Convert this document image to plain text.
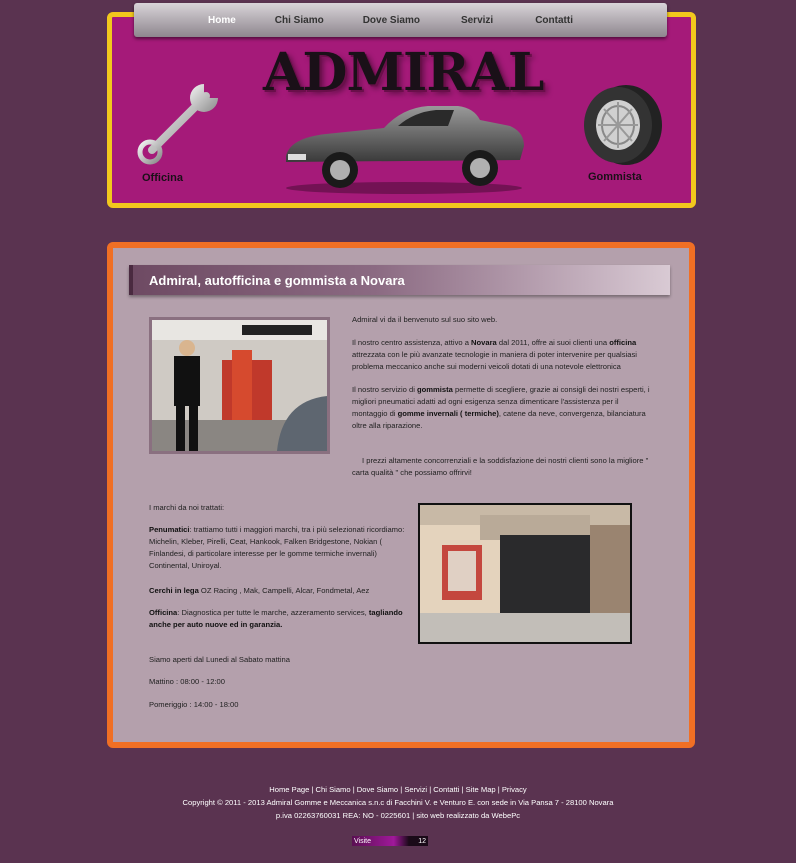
Home	Chi Siamo	Dove Siamo	Servizi	Contatti
ADMIRAL
Officina	Gommista
Admiral, autofficina e gommista a Novara
Admiral vi da il benvenuto sul suo sito web.
Il nostro centro assistenza, attivo a Novara dal 2011, offre ai suoi clienti una officina attrezzata con le più avanzate tecnologie in maniera di poter intervenire per qualsiasi problema meccanico anche sui moderni veicoli dotati di una notevole elettronica
Il nostro servizio di gommista permette di scegliere, grazie ai consigli dei nostri esperti, i migliori pneumatici adatti ad ogni esigenza senza dimenticare l'assistenza per il montaggio di gomme invernali ( termiche), catene da neve, convergenza, bilanciatura oltre alla riparazione.
I prezzi altamente concorrenziali e la soddisfazione dei nostri clienti sono la migliore " carta qualità " che possiamo offrirvi!
I marchi da noi trattati:
Penumatici: trattiamo tutti i maggiori marchi, tra i più selezionati ricordiamo: Michelin, Kleber, Pirelli, Ceat, Hankook, Falken Bridgestone, Nokian ( Finlandesi, di particolare interesse per le gomme termiche invernali) Continental, Uniroyal.
Cerchi in lega OZ Racing , Mak, Campelli, Alcar, Fondmetal, Aez
Officina: Diagnostica per tutte le marche, azzeramento services, tagliando anche per auto nuove ed in garanzia.
Siamo aperti dal Lunedi al Sabato mattina
Mattino : 08:00 - 12:00
Pomeriggio : 14:00 - 18:00
Home Page | Chi Siamo | Dove Siamo | Servizi | Contatti | Site Map | Privacy
Copyright © 2011 - 2013 Admiral Gomme e Meccanica s.n.c di Facchini V. e Venturo E. con sede in Via Pansa 7 - 28100 Novara
p.iva 02263760031 REA: NO - 0225601 | sito web realizzato da WebePc
Visite	12
